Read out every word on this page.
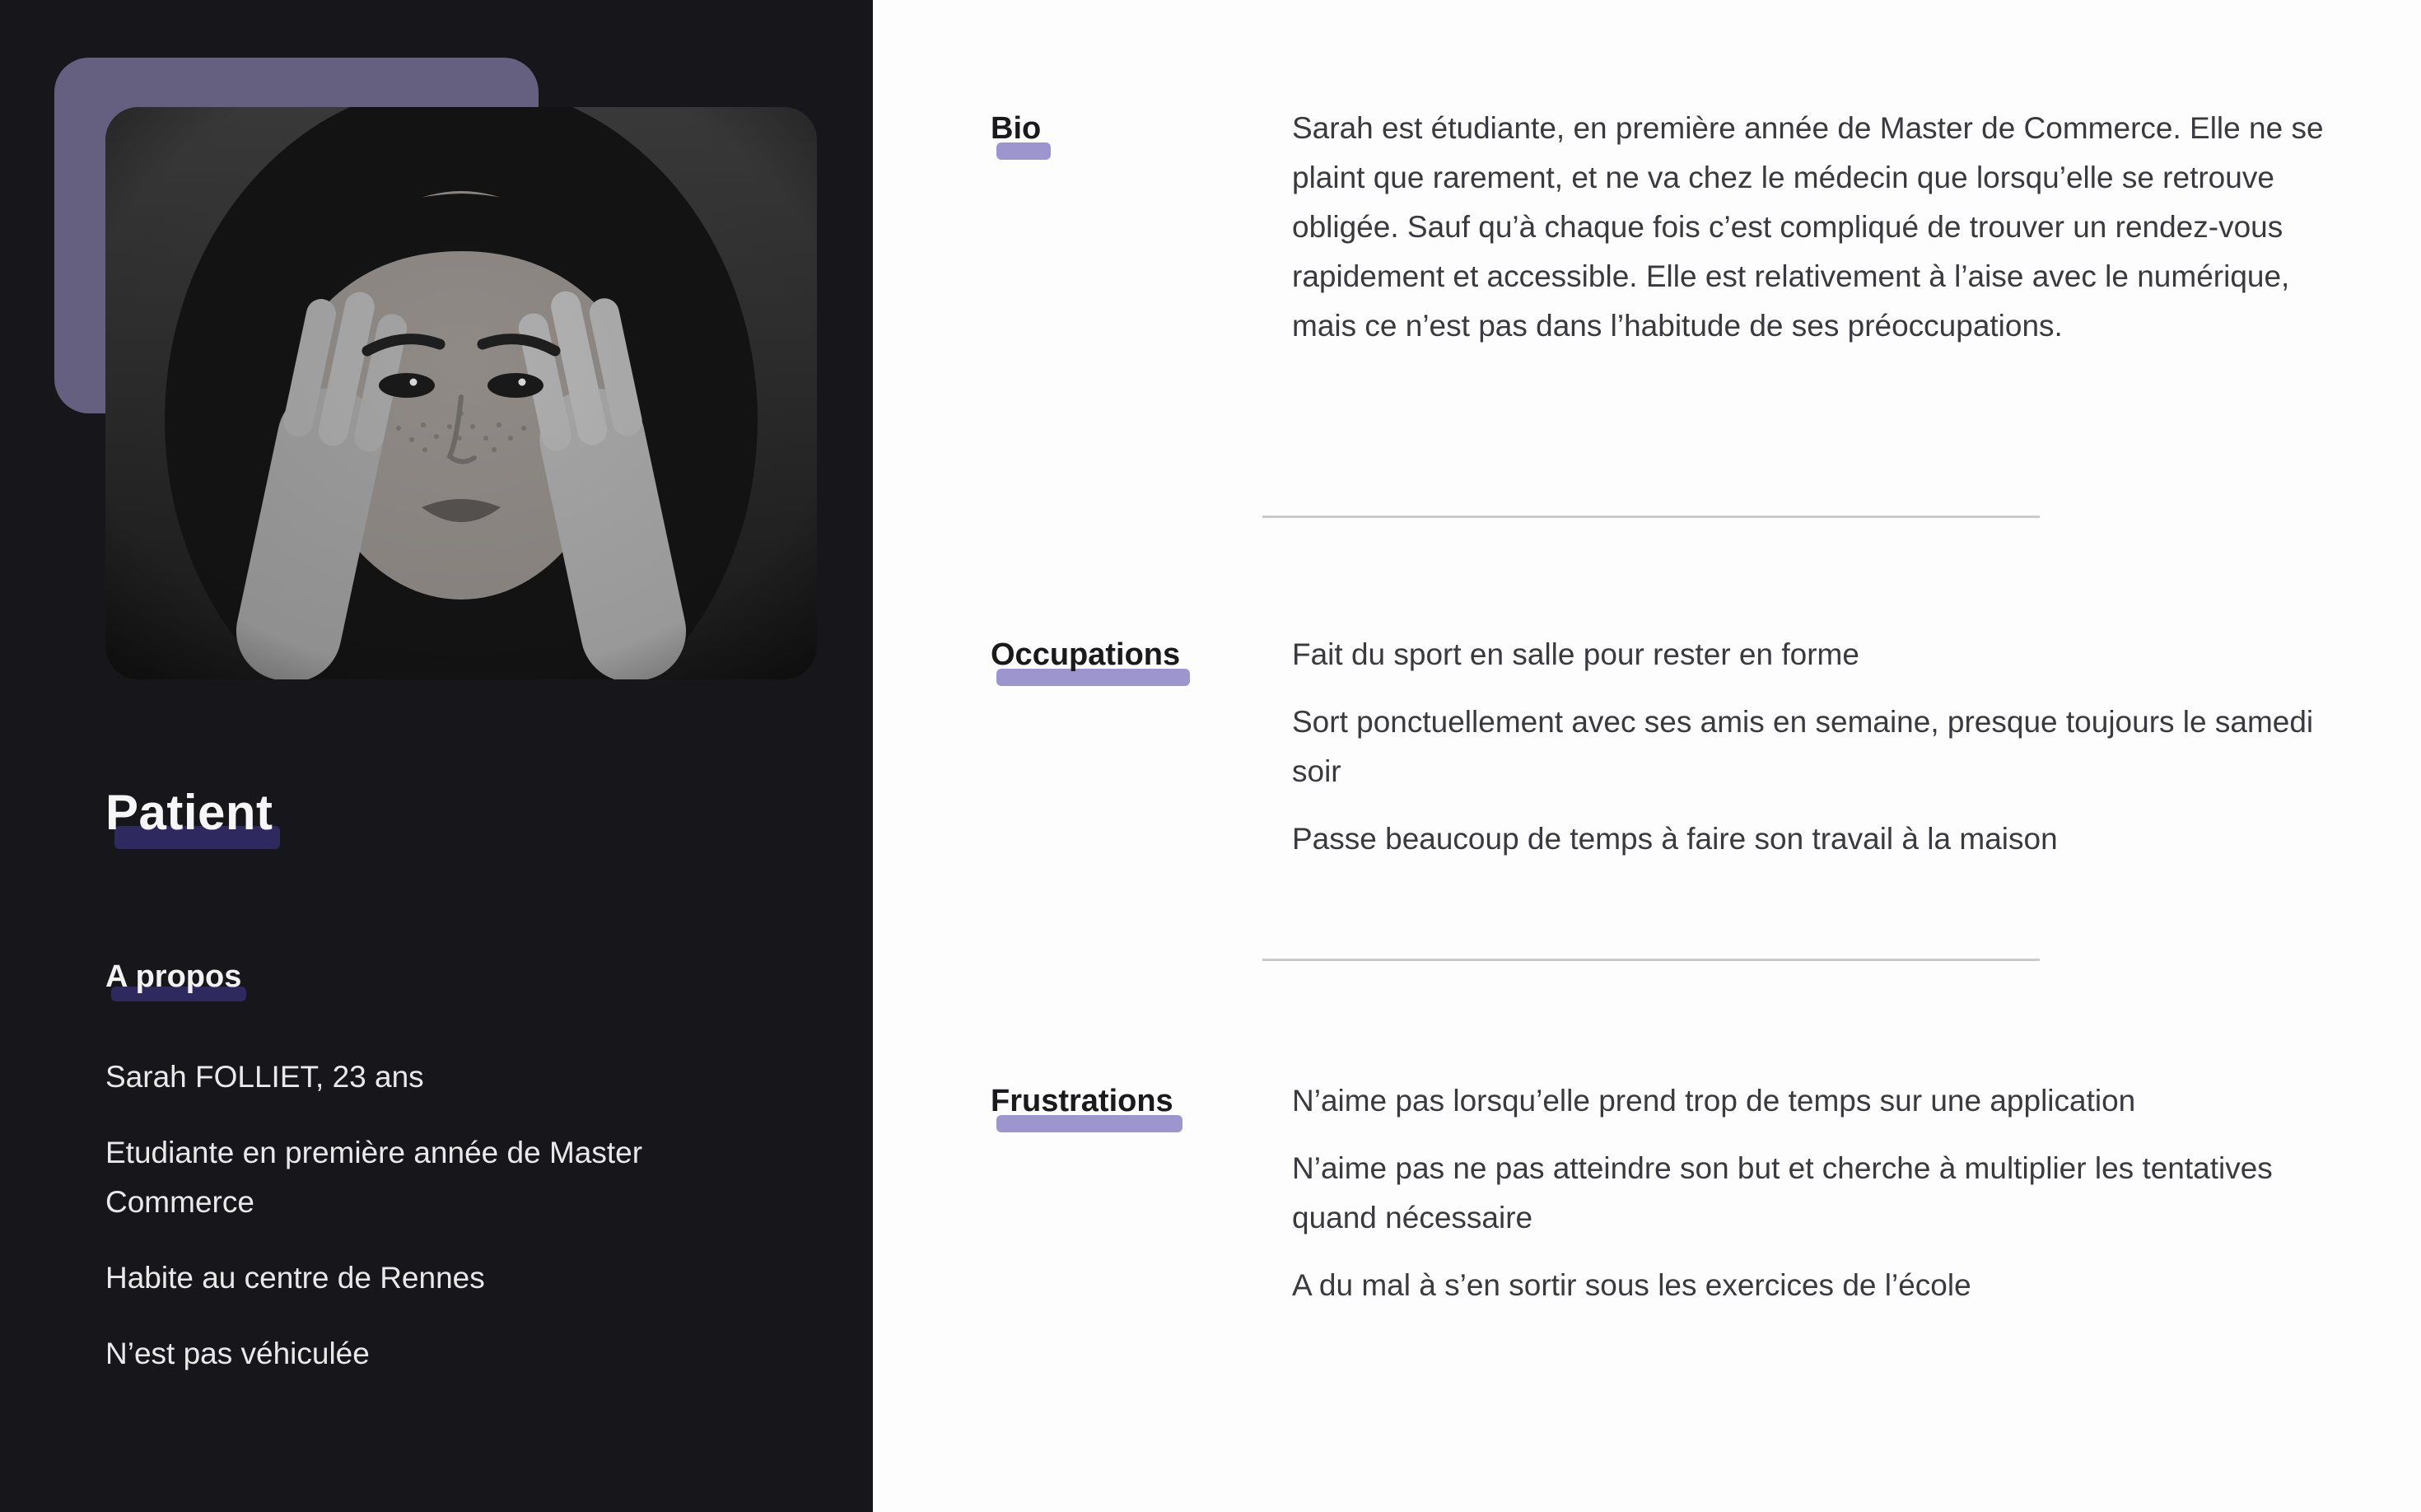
Patient
A propos

Sarah FOLLIET, 23 ans

Etudiante en première année de Master Commerce

Habite au centre de Rennes

N’est pas véhiculée

Bio	Sarah est étudiante, en première année de Master de Commerce. Elle ne se plaint que rarement, et ne va chez le médecin que lorsqu’elle se retrouve obligée. Sauf qu’à chaque fois c’est compliqué de trouver un rendez-vous rapidement et accessible. Elle est relativement à l’aise avec le numérique, mais ce n’est pas dans l’habitude de ses préoccupations.

Occupations	Fait du sport en salle pour rester en forme

Sort ponctuellement avec ses amis en semaine, presque toujours le samedi soir

Passe beaucoup de temps à faire son travail à la maison

Frustrations	N’aime pas lorsqu’elle prend trop de temps sur une application

N’aime pas ne pas atteindre son but et cherche à multiplier les tentatives quand nécessaire

A du mal à s’en sortir sous les exercices de l’école
